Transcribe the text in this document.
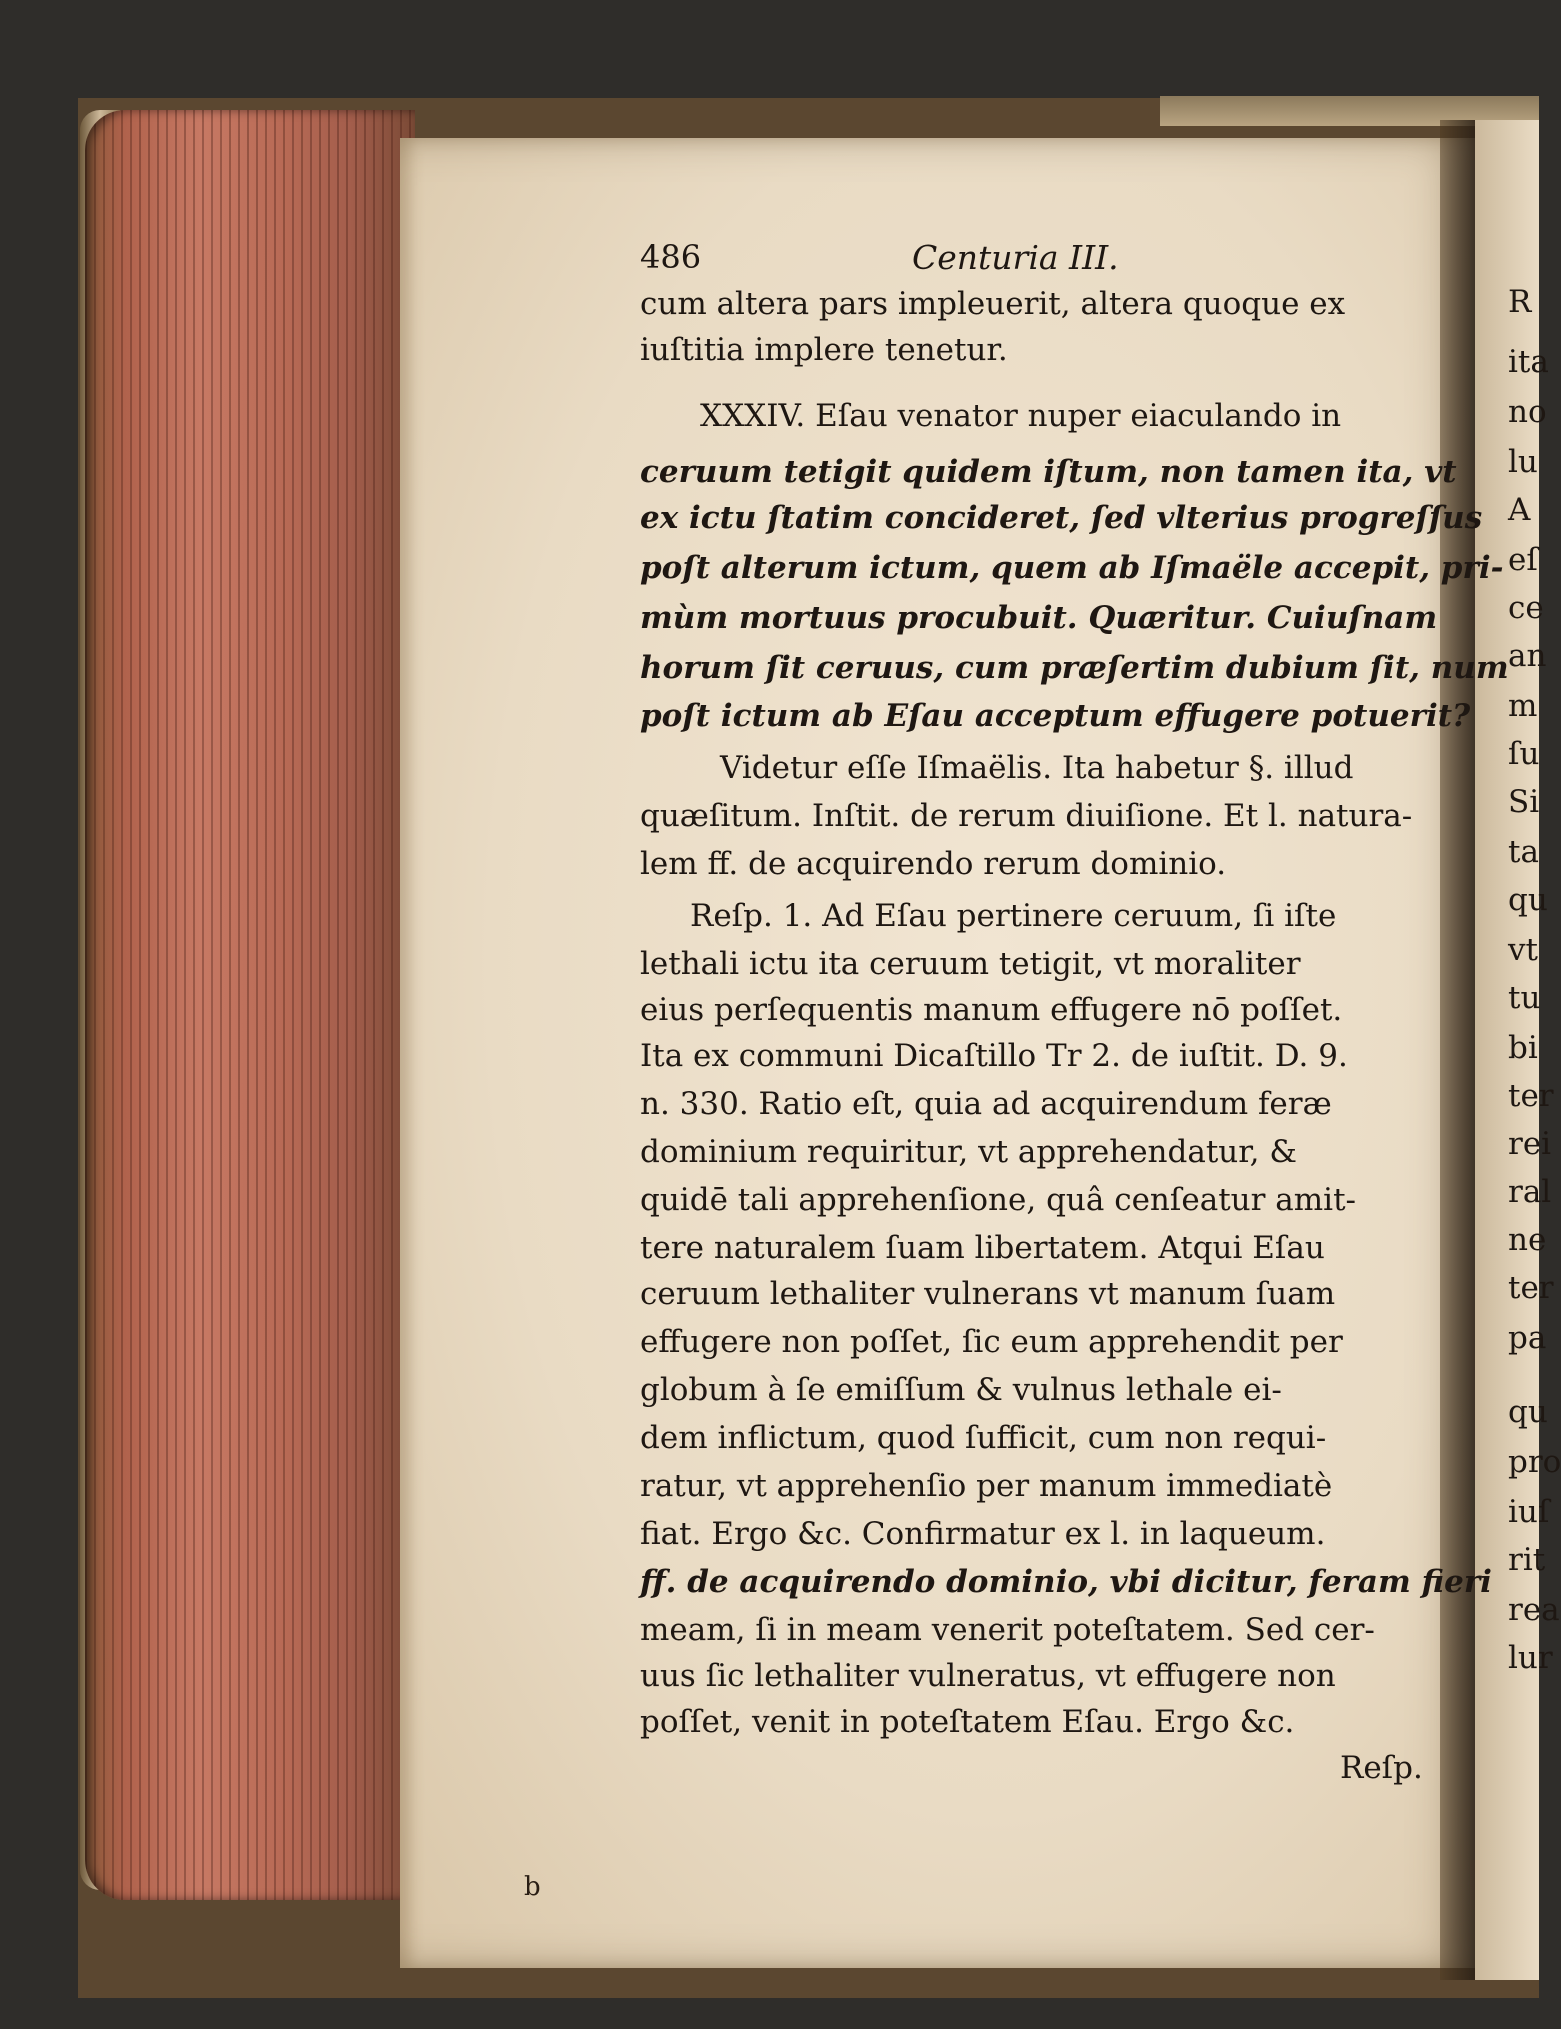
486	Centuria III.
cum altera pars impleuerit, altera quoque ex
iuſtitia implere tenetur.
XXXIV. Eſau venator nuper eiaculando in
ceruum tetigit quidem iſtum, non tamen ita, vt
ex ictu ſtatim concideret, ſed vlterius progreſſus
poſt alterum ictum, quem ab Iſmaële accepit, pri-
mùm mortuus procubuit. Quæritur. Cuiuſnam
horum ſit ceruus, cum præſertim dubium ſit, num
poſt ictum ab Eſau acceptum effugere potuerit?
Videtur eſſe Iſmaëlis. Ita habetur §. illud
quæſitum. Inſtit. de rerum diuiſione. Et l. natura-
lem ff. de acquirendo rerum dominio.
Reſp. 1. Ad Eſau pertinere ceruum, ſi iſte
lethali ictu ita ceruum tetigit, vt moraliter
eius perſequentis manum effugere nō poſſet.
Ita ex communi Dicaſtillo Tr 2. de iuſtit. D. 9.
n. 330. Ratio eſt, quia ad acquirendum feræ
dominium requiritur, vt apprehendatur, &
quidē tali apprehenſione, quâ cenſeatur amit-
tere naturalem ſuam libertatem. Atqui Eſau
ceruum lethaliter vulnerans vt manum ſuam
effugere non poſſet, ſic eum apprehendit per
globum à ſe emiſſum & vulnus lethale ei-
dem inflictum, quod ſufficit, cum non requi-
ratur, vt apprehenſio per manum immediatè
fiat. Ergo &c. Confirmatur ex l. in laqueum.
ff. de acquirendo dominio, vbi dicitur, feram fieri
meam, ſi in meam venerit poteſtatem. Sed cer-
uus ſic lethaliter vulneratus, vt effugere non
poſſet, venit in poteſtatem Eſau. Ergo &c.
Reſp.
b
R
ita
no
lu
A
eſ
ce
an
m
ſu
Si
ta
qu
vt
tu
bi
ter
rei
ral
ne
ter
pa
qu
pro
iuſ
rit
rea
lur
